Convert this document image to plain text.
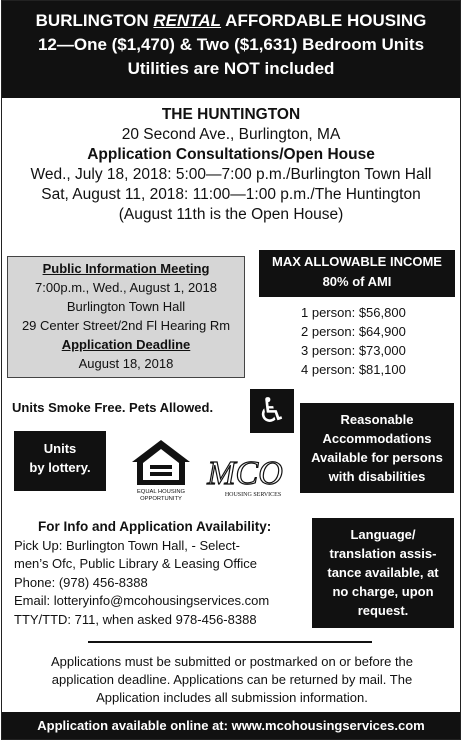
BURLINGTON RENTAL AFFORDABLE HOUSING
12—One ($1,470) & Two ($1,631) Bedroom Units
Utilities are NOT included
THE HUNTINGTON
20 Second Ave., Burlington, MA
Application Consultations/Open House
Wed., July 18, 2018: 5:00—7:00 p.m./Burlington Town Hall
Sat, August 11, 2018: 11:00—1:00 p.m./The Huntington
(August 11th is the Open House)
Public Information Meeting
7:00p.m., Wed., August 1, 2018
Burlington Town Hall
29 Center Street/2nd Fl Hearing Rm
Application Deadline
August 18, 2018
MAX ALLOWABLE INCOME
80% of AMI
1 person: $56,800
2 person: $64,900
3 person: $73,000
4 person: $81,100
Units Smoke Free. Pets Allowed. ♿	Reasonable
Accommodations
Available for persons
with disabilities
Units
by lottery.
EQUAL HOUSING
OPPORTUNITY
MCO
HOUSING SERVICES
For Info and Application Availability:
Pick Up: Burlington Town Hall, - Select-
men’s Ofc, Public Library & Leasing Office
Phone: (978) 456-8388
Email: lotteryinfo@mcohousingservices.com
TTY/TTD: 711, when asked 978-456-8388
Language/
translation assis-
tance available, at
no charge, upon
request.
Applications must be submitted or postmarked on or before the
application deadline. Applications can be returned by mail. The
Application includes all submission information.
Application available online at: www.mcohousingservices.com
